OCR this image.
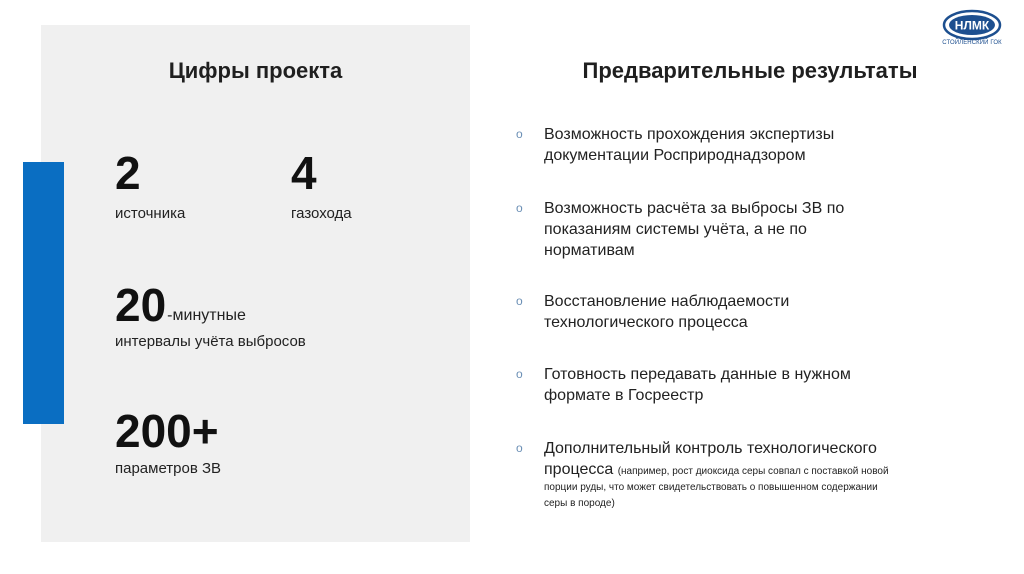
Цифры проекта
2
источника
4
газохода
20 -минутные
интервалы учёта выбросов
200+
параметров ЗВ
Предварительные результаты
o	Возможность прохождения экспертизы
документации Росприроднадзором
o	Возможность расчёта за выбросы ЗВ по
показаниям системы учёта, а не по
нормативам
o	Восстановление наблюдаемости
технологического процесса
o	Готовность передавать данные в нужном
формате в Госреестр
o	Дополнительный контроль технологического
процесса (например, рост диоксида серы совпал с поставкой новой
порции руды, что может свидетельствовать о повышенном содержании
серы в породе)
НЛМК
СТОЙЛЕНСКИЙ ГОК
